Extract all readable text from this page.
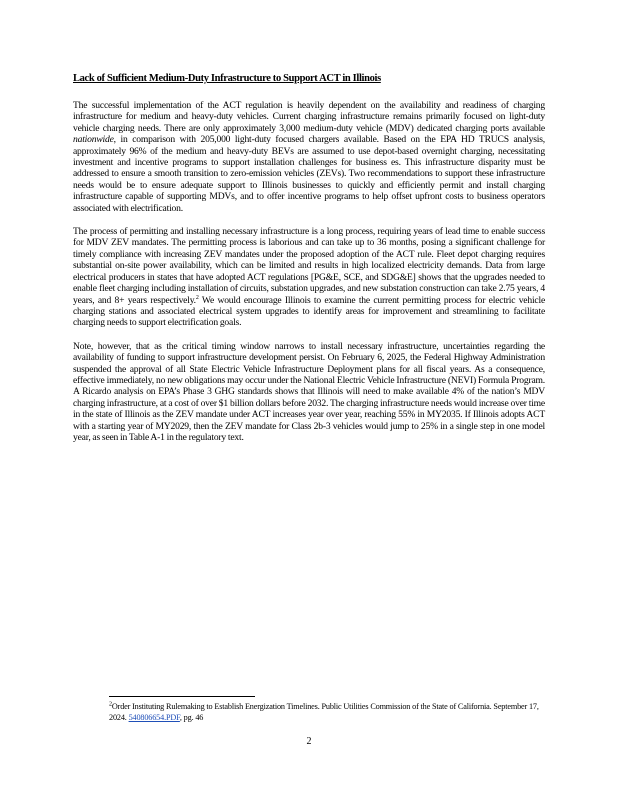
Lack of Sufficient Medium-Duty Infrastructure to Support ACT in Illinois

The successful implementation of the ACT regulation is heavily dependent on the availability and readiness of charging infrastructure for medium and heavy-duty vehicles. Current charging infrastructure remains primarily focused on light-duty vehicle charging needs. There are only approximately 3,000 medium-duty vehicle (MDV) dedicated charging ports available nationwide, in comparison with 205,000 light-duty focused chargers available. Based on the EPA HD TRUCS analysis, approximately 96% of the medium and heavy-duty BEVs are assumed to use depot-based overnight charging, necessitating investment and incentive programs to support installation challenges for business es. This infrastructure disparity must be addressed to ensure a smooth transition to zero-emission vehicles (ZEVs). Two recommendations to support these infrastructure needs would be to ensure adequate support to Illinois businesses to quickly and efficiently permit and install charging infrastructure capable of supporting MDVs, and to offer incentive programs to help offset upfront costs to business operators associated with electrification.

The process of permitting and installing necessary infrastructure is a long process, requiring years of lead time to enable success for MDV ZEV mandates. The permitting process is laborious and can take up to 36 months, posing a significant challenge for timely compliance with increasing ZEV mandates under the proposed adoption of the ACT rule. Fleet depot charging requires substantial on-site power availability, which can be limited and results in high localized electricity demands. Data from large electrical producers in states that have adopted ACT regulations [PG&E, SCE, and SDG&E] shows that the upgrades needed to enable fleet charging including installation of circuits, substation upgrades, and new substation construction can take 2.75 years, 4 years, and 8+ years respectively.$^2$ We would encourage Illinois to examine the current permitting process for electric vehicle charging stations and associated electrical system upgrades to identify areas for improvement and streamlining to facilitate charging needs to support electrification goals.

Note, however, that as the critical timing window narrows to install necessary infrastructure, uncertainties regarding the availability of funding to support infrastructure development persist. On February 6, 2025, the Federal Highway Administration suspended the approval of all State Electric Vehicle Infrastructure Deployment plans for all fiscal years. As a consequence, effective immediately, no new obligations may occur under the National Electric Vehicle Infrastructure (NEVI) Formula Program. A Ricardo analysis on EPA’s Phase 3 GHG standards shows that Illinois will need to make available 4% of the nation’s MDV charging infrastructure, at a cost of over $1 billion dollars before 2032. The charging infrastructure needs would increase over time in the state of Illinois as the ZEV mandate under ACT increases year over year, reaching 55% in MY2035. If Illinois adopts ACT with a starting year of MY2029, then the ZEV mandate for Class 2b-3 vehicles would jump to 25% in a single step in one model year, as seen in Table A-1 in the regulatory text.

$^2$Order Instituting Rulemaking to Establish Energization Timelines. Public Utilities Commission of the State of California. September 17, 2024. 540806654.PDF, pg. 46
2
